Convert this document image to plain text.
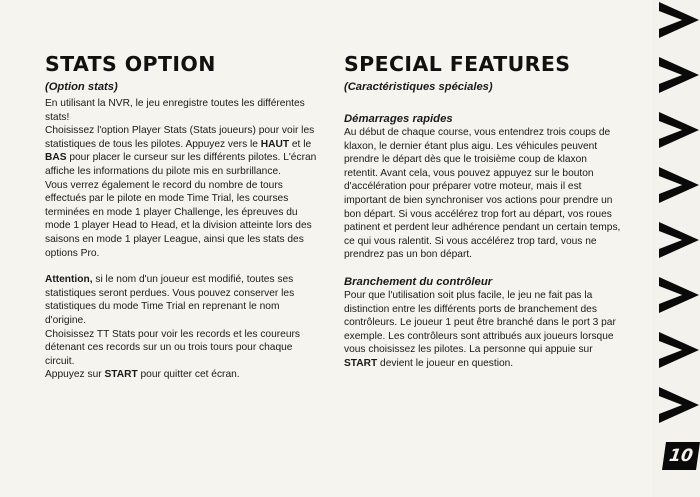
STATS OPTION
(Option stats)

En utilisant la NVR, le jeu enregistre toutes les différentes stats!

Choisissez l'option Player Stats (Stats joueurs) pour voir les statistiques de tous les pilotes. Appuyez vers le HAUT et le BAS pour placer le curseur sur les différents pilotes. L'écran affiche les informations du pilote mis en surbrillance.

Vous verrez également le record du nombre de tours effectués par le pilote en mode Time Trial, les courses terminées en mode 1 player Challenge, les épreuves du mode 1 player Head to Head, et la division atteinte lors des saisons en mode 1 player League, ainsi que les stats des options Pro.

Attention, si le nom d'un joueur est modifié, toutes ses statistiques seront perdues. Vous pouvez conserver les statistiques du mode Time Trial en reprenant le nom d'origine.

Choisissez TT Stats pour voir les records et les coureurs détenant ces records sur un ou trois tours pour chaque circuit.

Appuyez sur START pour quitter cet écran.

SPECIAL FEATURES
(Caractéristiques spéciales)
Démarrages rapides

Au début de chaque course, vous entendrez trois coups de klaxon, le dernier étant plus aigu. Les véhicules peuvent prendre le départ dès que le troisième coup de klaxon retentit. Avant cela, vous pouvez appuyez sur le bouton d'accélération pour préparer votre moteur, mais il est important de bien synchroniser vos actions pour prendre un bon départ. Si vous accélérez trop fort au départ, vos roues patinent et perdent leur adhérence pendant un certain temps, ce qui vous ralentit. Si vous accélérez trop tard, vous ne prendrez pas un bon départ.

Branchement du contrôleur

Pour que l'utilisation soit plus facile, le jeu ne fait pas la distinction entre les différents ports de branchement des contrôleurs. Le joueur 1 peut être branché dans le port 3 par exemple. Les contrôleurs sont attribués aux joueurs lorsque vous choisissez les pilotes. La personne qui appuie sur START devient le joueur en question.

10
